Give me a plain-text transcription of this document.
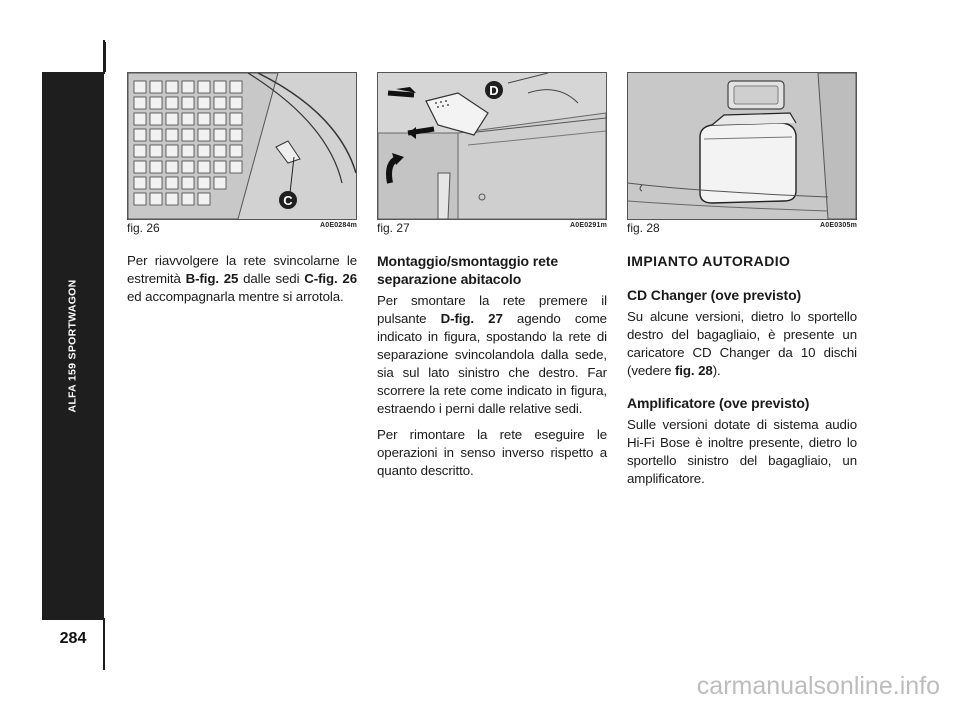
ALFA 159 SPORTWAGON
284
C
fig. 26	A0E0284m
D
fig. 27	A0E0291m fig. 28	A0E0305m

Per riavvolgere la rete svincolarne le estremità B-fig. 25 dalle sedi C-fig. 26 ed accompagnarla mentre si arrotola.

Montaggio/smontaggio rete separazione abitacolo

Per smontare la rete premere il pulsante D-fig. 27 agendo come indicato in figura, spostando la rete di separazione svincolandola dalla sede, sia sul lato sinistro che destro. Far scorrere la rete come indicato in figura, estraendo i perni dalle relative sedi.

Per rimontare la rete eseguire le operazioni in senso inverso rispetto a quanto descritto.

IMPIANTO AUTORADIO
CD Changer (ove previsto)

Su alcune versioni, dietro lo sportello destro del bagagliaio, è presente un caricatore CD Changer da 10 dischi (vedere fig. 28).

Amplificatore (ove previsto)

Sulle versioni dotate di sistema audio Hi-Fi Bose è inoltre presente, dietro lo sportello sinistro del bagagliaio, un amplificatore.

carmanualsonline.info
